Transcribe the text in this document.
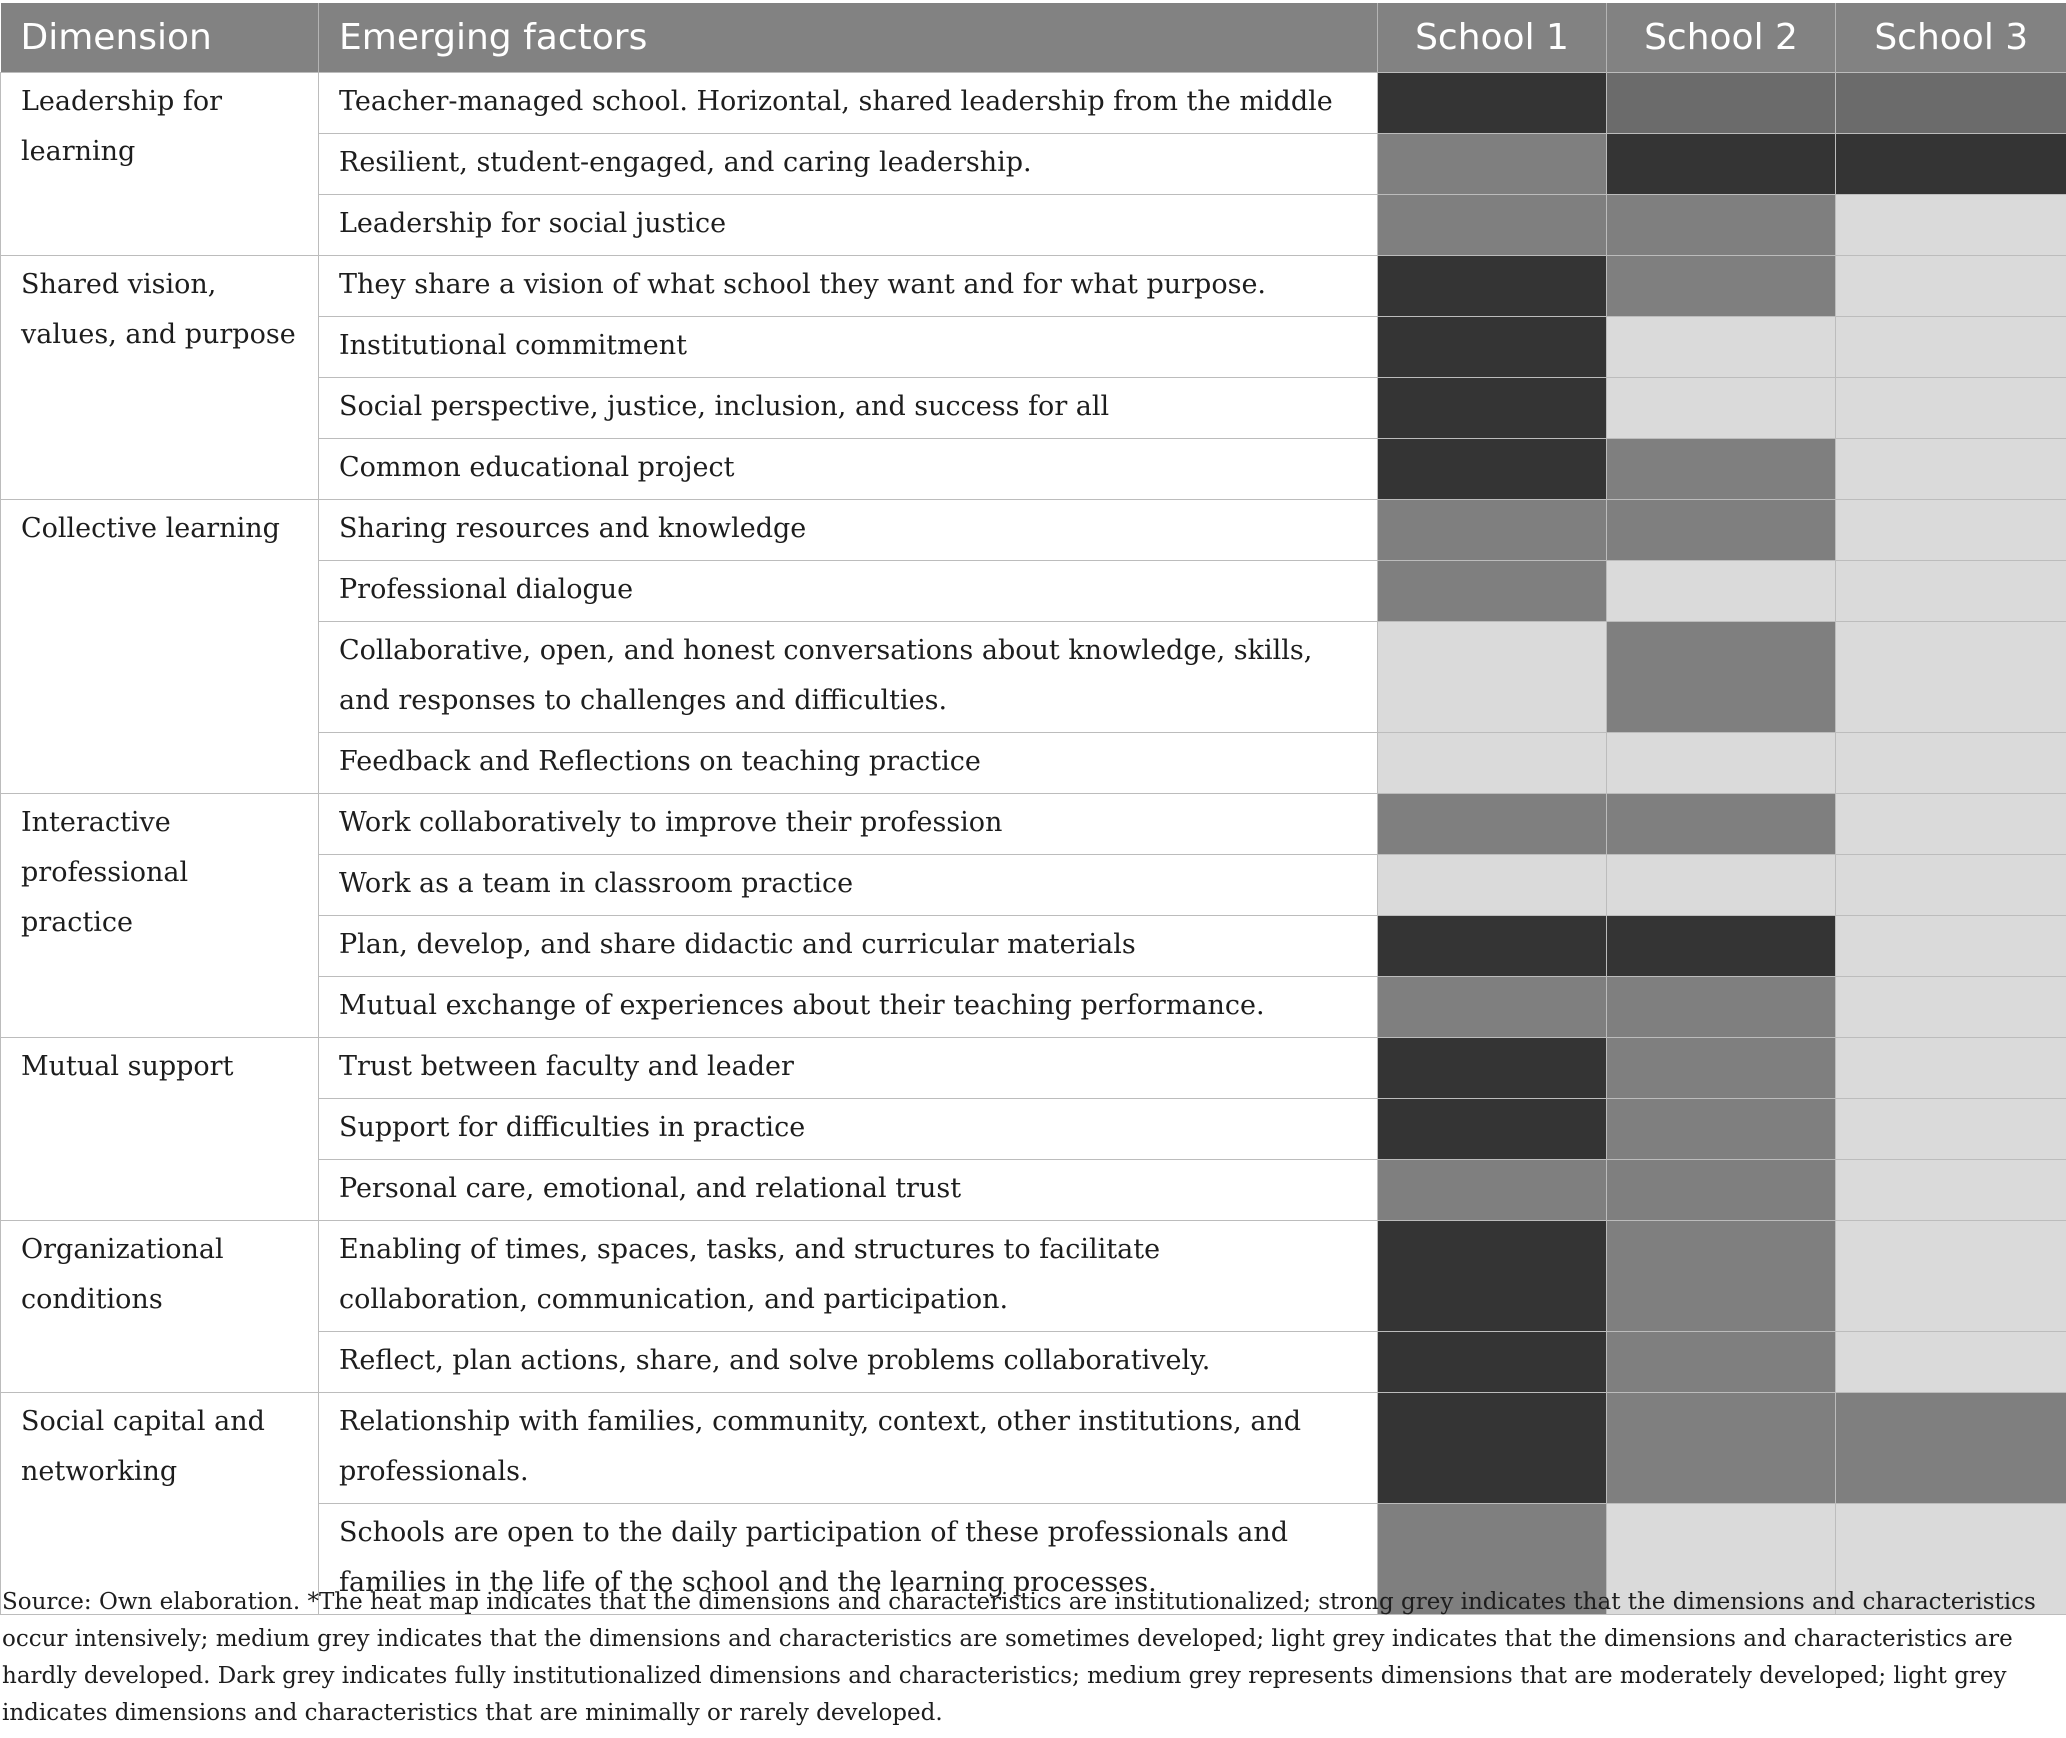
Dimension	Emerging factors	School 1	School 2	School 3
Leadership for learning	Teacher-managed school. Horizontal, shared leadership from the middle			
	Resilient, student-engaged, and caring leadership.			
	Leadership for social justice			
Shared vision, values, and purpose	They share a vision of what school they want and for what purpose.			
	Institutional commitment			
	Social perspective, justice, inclusion, and success for all			
	Common educational project			
Collective learning	Sharing resources and knowledge			
	Professional dialogue			
	Collaborative, open, and honest conversations about knowledge, skills, and responses to challenges and difficulties.			
	Feedback and Reflections on teaching practice			
Interactive professional practice	Work collaboratively to improve their profession			
	Work as a team in classroom practice			
	Plan, develop, and share didactic and curricular materials			
	Mutual exchange of experiences about their teaching performance.			
Mutual support	Trust between faculty and leader			
	Support for difficulties in practice			
	Personal care, emotional, and relational trust			
Organizational conditions	Enabling of times, spaces, tasks, and structures to facilitate collaboration, communication, and participation.			
	Reflect, plan actions, share, and solve problems collaboratively.			
Social capital and networking	Relationship with families, community, context, other institutions, and professionals.			
	Schools are open to the daily participation of these professionals and families in the life of the school and the learning processes.			
Source: Own elaboration. *The heat map indicates that the dimensions and characteristics are institutionalized; strong grey indicates that the dimensions and characteristics occur intensively; medium grey indicates that the dimensions and characteristics are sometimes developed; light grey indicates that the dimensions and characteristics are hardly developed. Dark grey indicates fully institutionalized dimensions and characteristics; medium grey represents dimensions that are moderately developed; light grey indicates dimensions and characteristics that are minimally or rarely developed.
